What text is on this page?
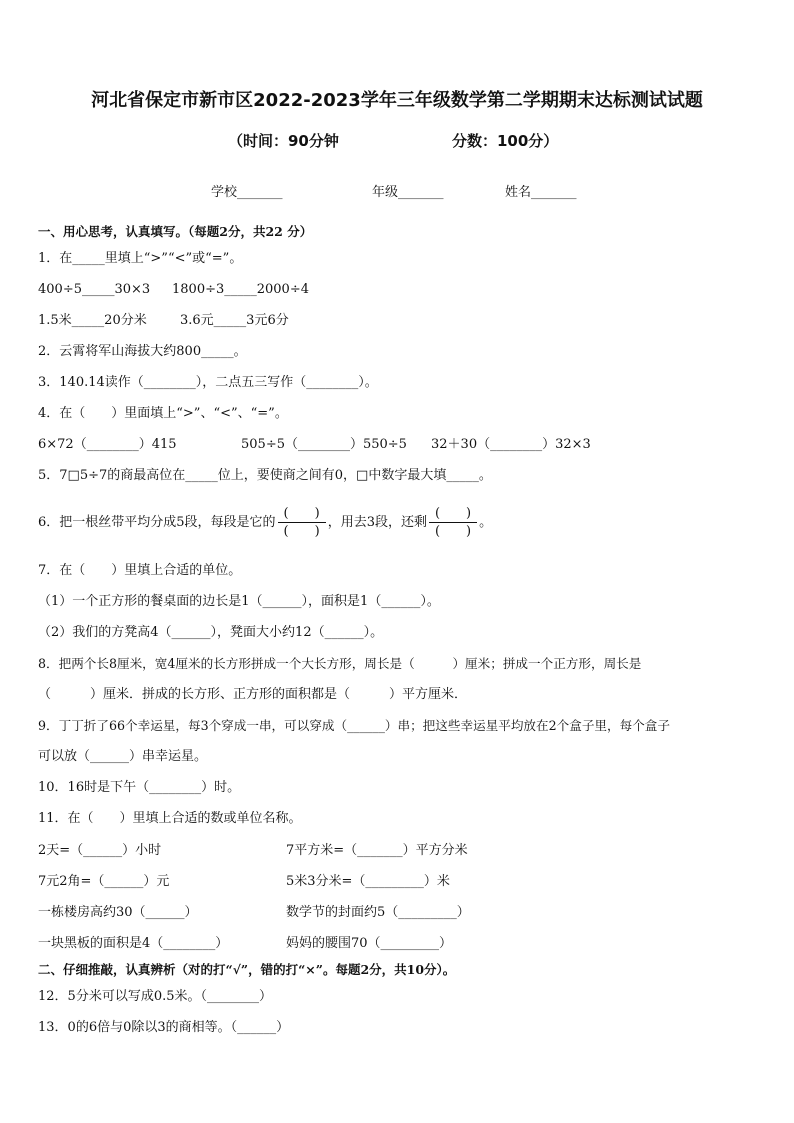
河北省保定市新市区2022-2023学年三年级数学第二学期期末达标测试试题
（时间：90分钟	分数：100分）
学校_______	年级_______	姓名_______
一、用心思考，认真填写。（每题2分，共22 分）
1．在_____里填上“>”“<”或“=”。
400÷5_____30×3 1800÷3_____2000÷4
1.5米_____20分米	3.6元_____3元6分
2．云霄将军山海拔大约800_____。
3．140.14读作（________），二点五三写作（________）。
4．在（　　）里面填上“>”、“<”、“=”。
6×72（________）415	505÷5（________）550÷5 32＋30（________）32×3
5．7□5÷7的商最高位在_____位上，要使商之间有0，□中数字最大填_____。
6．把一根丝带平均分成5段，每段是它的 $\frac{( )}{( )}$ ，用去3段，还剩 $\frac{( )}{( )}$ 。
7．在（　　）里填上合适的单位。
（1）一个正方形的餐桌面的边长是1（______），面积是1（______）。
（2）我们的方凳高4（______），凳面大小约12（______）。
8．把两个长8厘米，宽4厘米的长方形拼成一个大长方形，周长是（　　　）厘米；拼成一个正方形，周长是
（　　　）厘米．拼成的长方形、正方形的面积都是（　　　）平方厘米．
9．丁丁折了66个幸运星，每3个穿成一串，可以穿成（______）串；把这些幸运星平均放在2个盒子里，每个盒子
可以放（______）串幸运星。
10．16时是下午（________）时。
11．在（　　）里填上合适的数或单位名称。
2天=（______）小时	7平方米=（_______）平方分米
7元2角=（______）元	5米3分米=（_________）米
一栋楼房高约30（______）	数学节的封面约5（_________）
一块黑板的面积是4（________）	妈妈的腰围70（_________）
二、仔细推敲，认真辨析（对的打“√”，错的打“×”。每题2分，共10分）。
12．5分米可以写成0.5米。（________）
13．0的6倍与0除以3的商相等。（______）
